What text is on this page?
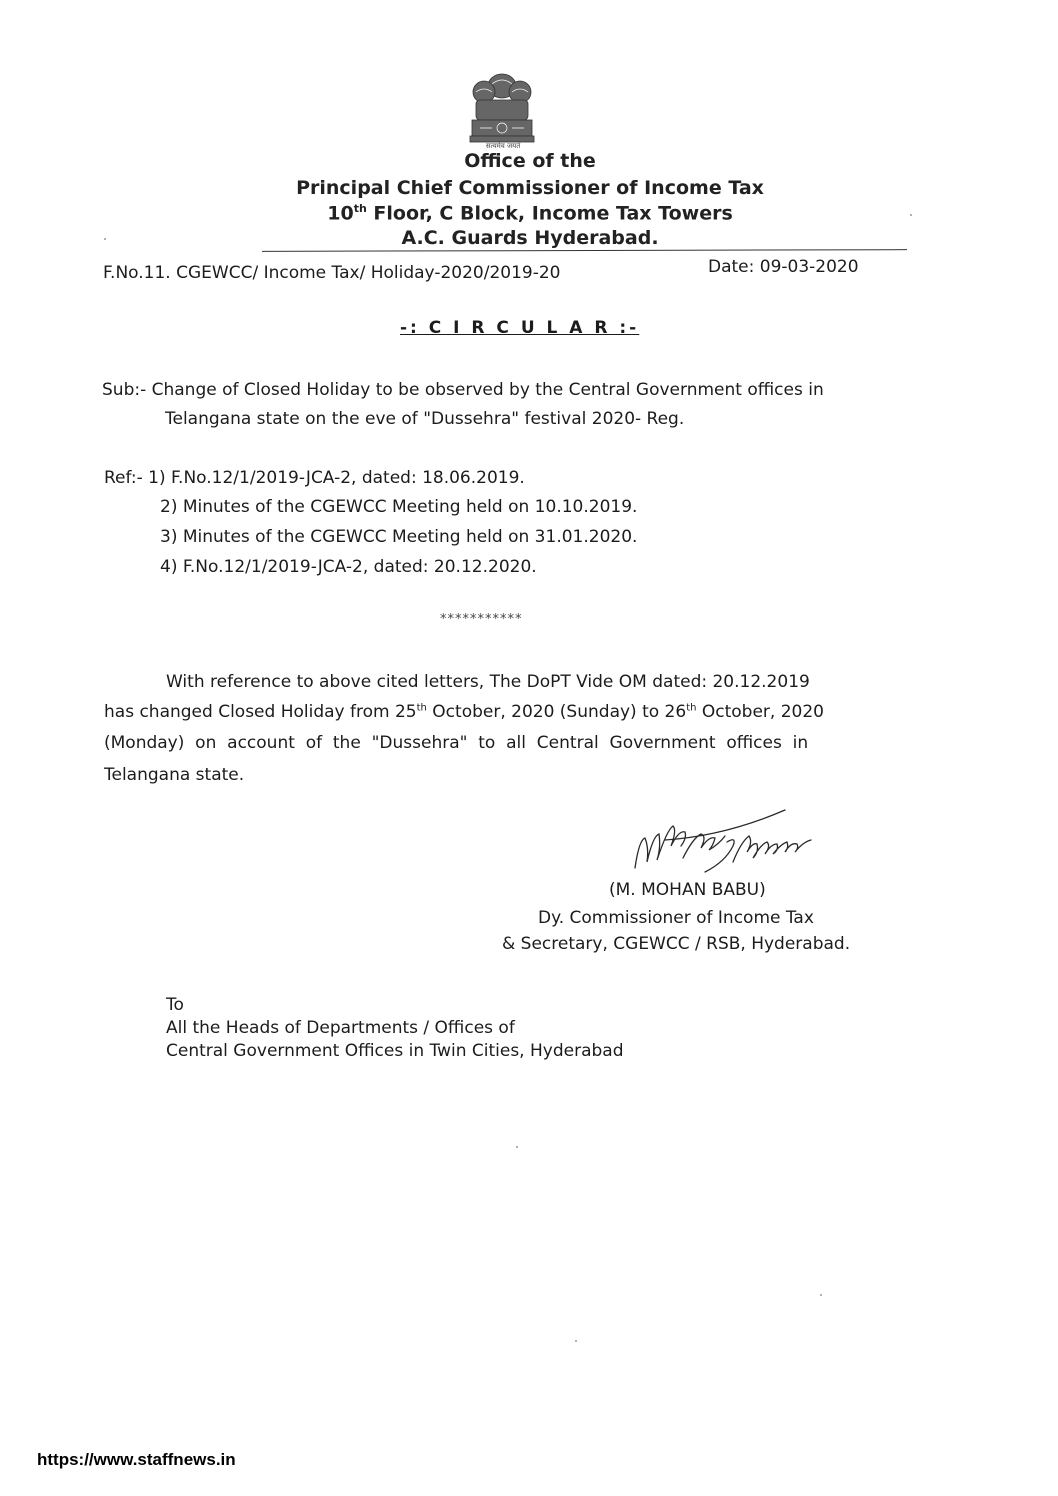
सत्यमेव जयते
Office of the
Principal Chief Commissioner of Income Tax
10th Floor, C Block, Income Tax Towers
A.C. Guards Hyderabad.
F.No.11. CGEWCC/ Income Tax/ Holiday-2020/2019-20	Date: 09-03-2020
-: C I R C U L A R :-
Sub:- Change of Closed Holiday to be observed by the Central Government offices in
Telangana state on the eve of "Dussehra" festival 2020- Reg.
Ref:- 1) F.No.12/1/2019-JCA-2, dated: 18.06.2019.
2) Minutes of the CGEWCC Meeting held on 10.10.2019.
3) Minutes of the CGEWCC Meeting held on 31.01.2020.
4) F.No.12/1/2019-JCA-2, dated: 20.12.2020.
***********
With reference to above cited letters, The DoPT Vide OM dated: 20.12.2019
has changed Closed Holiday from 25th October, 2020 (Sunday) to 26th October, 2020
(Monday)  on  account  of  the  "Dussehra"  to  all  Central  Government  offices  in
Telangana state.
(M. MOHAN BABU)
Dy. Commissioner of Income Tax
& Secretary, CGEWCC / RSB, Hyderabad.
To
All the Heads of Departments / Offices of
Central Government Offices in Twin Cities, Hyderabad
https://www.staffnews.in
